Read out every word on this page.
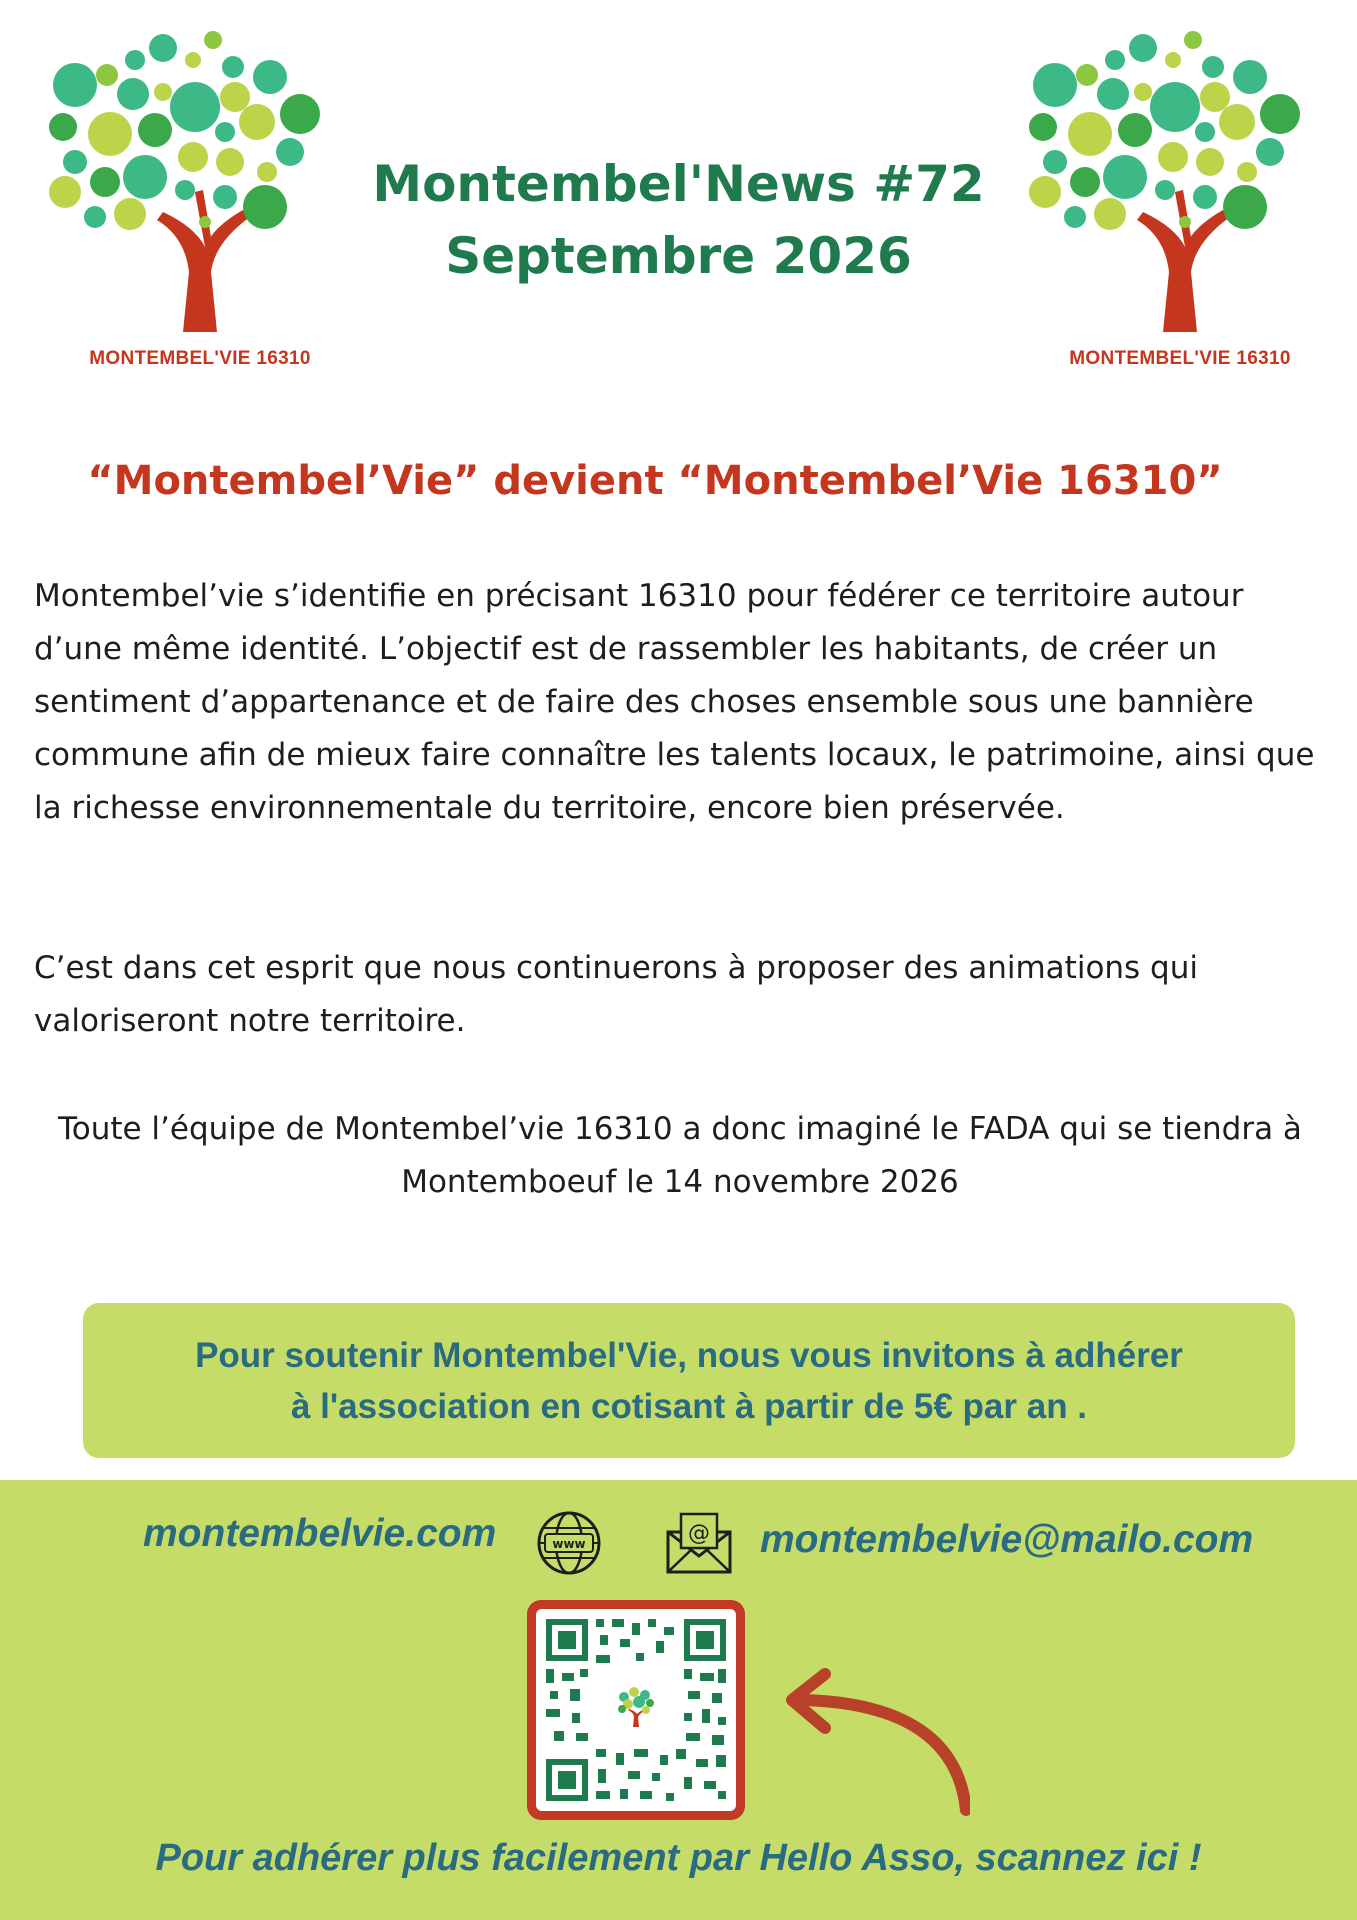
MONTEMBEL'VIE 16310	MONTEMBEL'VIE 16310
Montembel'News #72
Septembre 2026
“Montembel’Vie” devient “Montembel’Vie 16310”
Montembel’vie s’identifie en précisant 16310 pour fédérer ce territoire autour d’une même identité. L’objectif est de rassembler les habitants, de créer un sentiment d’appartenance et de faire des choses ensemble sous une bannière commune afin de mieux faire connaître les talents locaux, le patrimoine, ainsi que la richesse environnementale du territoire, encore bien préservée.
C’est dans cet esprit que nous continuerons à proposer des animations qui valoriseront notre territoire.
Toute l’équipe de Montembel’vie 16310 a donc imaginé le FADA qui se tiendra à Montemboeuf le 14 novembre 2026
Pour soutenir Montembel'Vie, nous vous invitons à adhérer
à l'association en cotisant à partir de 5€ par an .
montembelvie.com	www	@ montembelvie@mailo.com
Pour adhérer plus facilement par Hello Asso, scannez ici !
